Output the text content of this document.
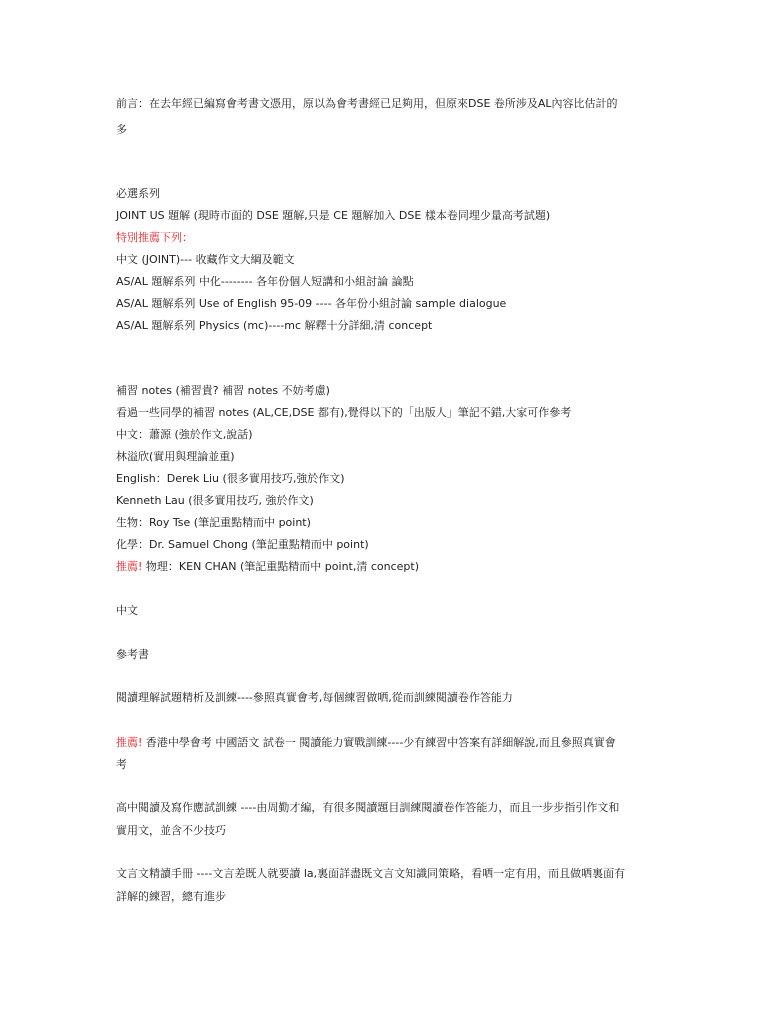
前言：在去年經已編寫會考書文憑用，原以為會考書經已足夠用，但原來DSE 卷所涉及AL內容比估計的
多
必選系列
JOINT US 題解 (現時市面的 DSE 題解,只是 CE 題解加入 DSE 樣本卷同埋少量高考試題)
特別推薦下列：
中文 (JOINT)--- 收藏作文大綱及範文
AS/AL 題解系列 中化-------- 各年份個人短講和小組討論 論點
AS/AL 題解系列 Use of English 95-09 ---- 各年份小組討論 sample dialogue
AS/AL 題解系列 Physics (mc)----mc 解釋十分詳細,清 concept
補習 notes (補習貴? 補習 notes 不妨考慮)
看過一些同學的補習 notes (AL,CE,DSE 都有),覺得以下的「出版人」筆記不錯,大家可作參考
中文：蕭源 (強於作文,說話)
林溢欣(實用與理論並重)
English：Derek Liu (很多實用技巧,強於作文)
Kenneth Lau (很多實用技巧, 強於作文)
生物：Roy Tse (筆記重點精而中 point)
化學：Dr. Samuel Chong (筆記重點精而中 point)
推薦! 物理：KEN CHAN (筆記重點精而中 point,清 concept)
中文
參考書
閱讀理解試題精析及訓練----參照真實會考,每個練習做哂,從而訓練閱讀卷作答能力
推薦! 香港中學會考 中國語文 試卷一 閱讀能力實戰訓練----少有練習中答案有詳細解說,而且參照真實會
考
高中閱讀及寫作應試訓練 ----由周勤才編，有很多閱讀題目訓練閱讀卷作答能力，而且一步步指引作文和
實用文，並含不少技巧
文言文精讀手冊 ----文言差既人就要讀 la,裏面詳盡既文言文知識同策略，看哂一定有用，而且做哂裏面有
詳解的練習，總有進步
